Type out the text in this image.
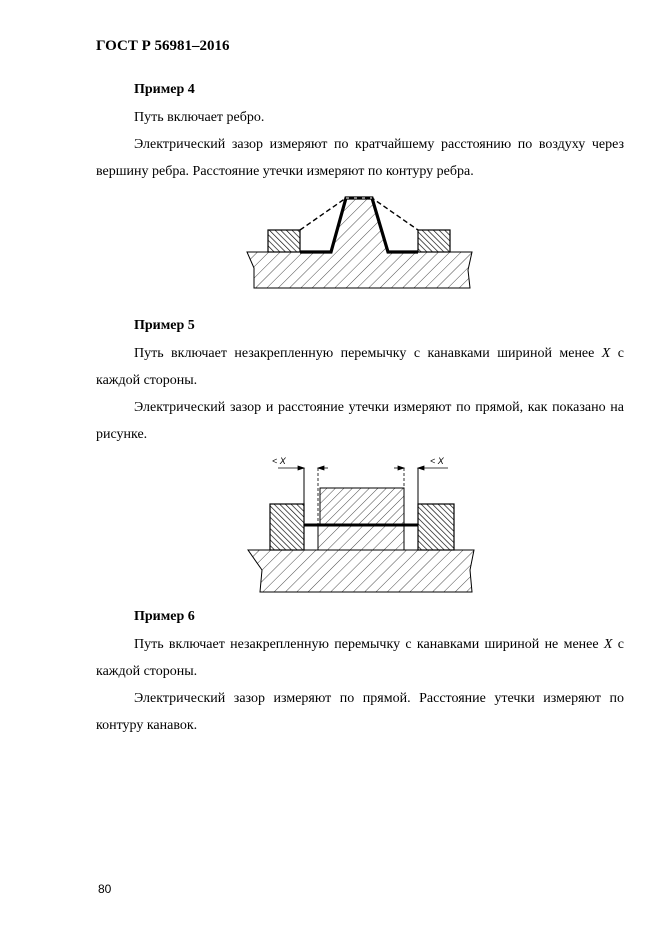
ГОСТ Р 56981–2016
Пример 4
Путь включает ребро.
Электрический зазор измеряют по кратчайшему расстоянию по воздуху через вершину ребра. Расстояние утечки измеряют по контуру ребра.
Пример 5
Путь включает незакрепленную перемычку с канавками шириной менее X с каждой стороны.
Электрический зазор и расстояние утечки измеряют по прямой, как показано на рисунке.
< X	< X
Пример 6
Путь включает незакрепленную перемычку с канавками шириной не менее X с каждой стороны.
Электрический зазор измеряют по прямой. Расстояние утечки измеряют по контуру канавок.
80
